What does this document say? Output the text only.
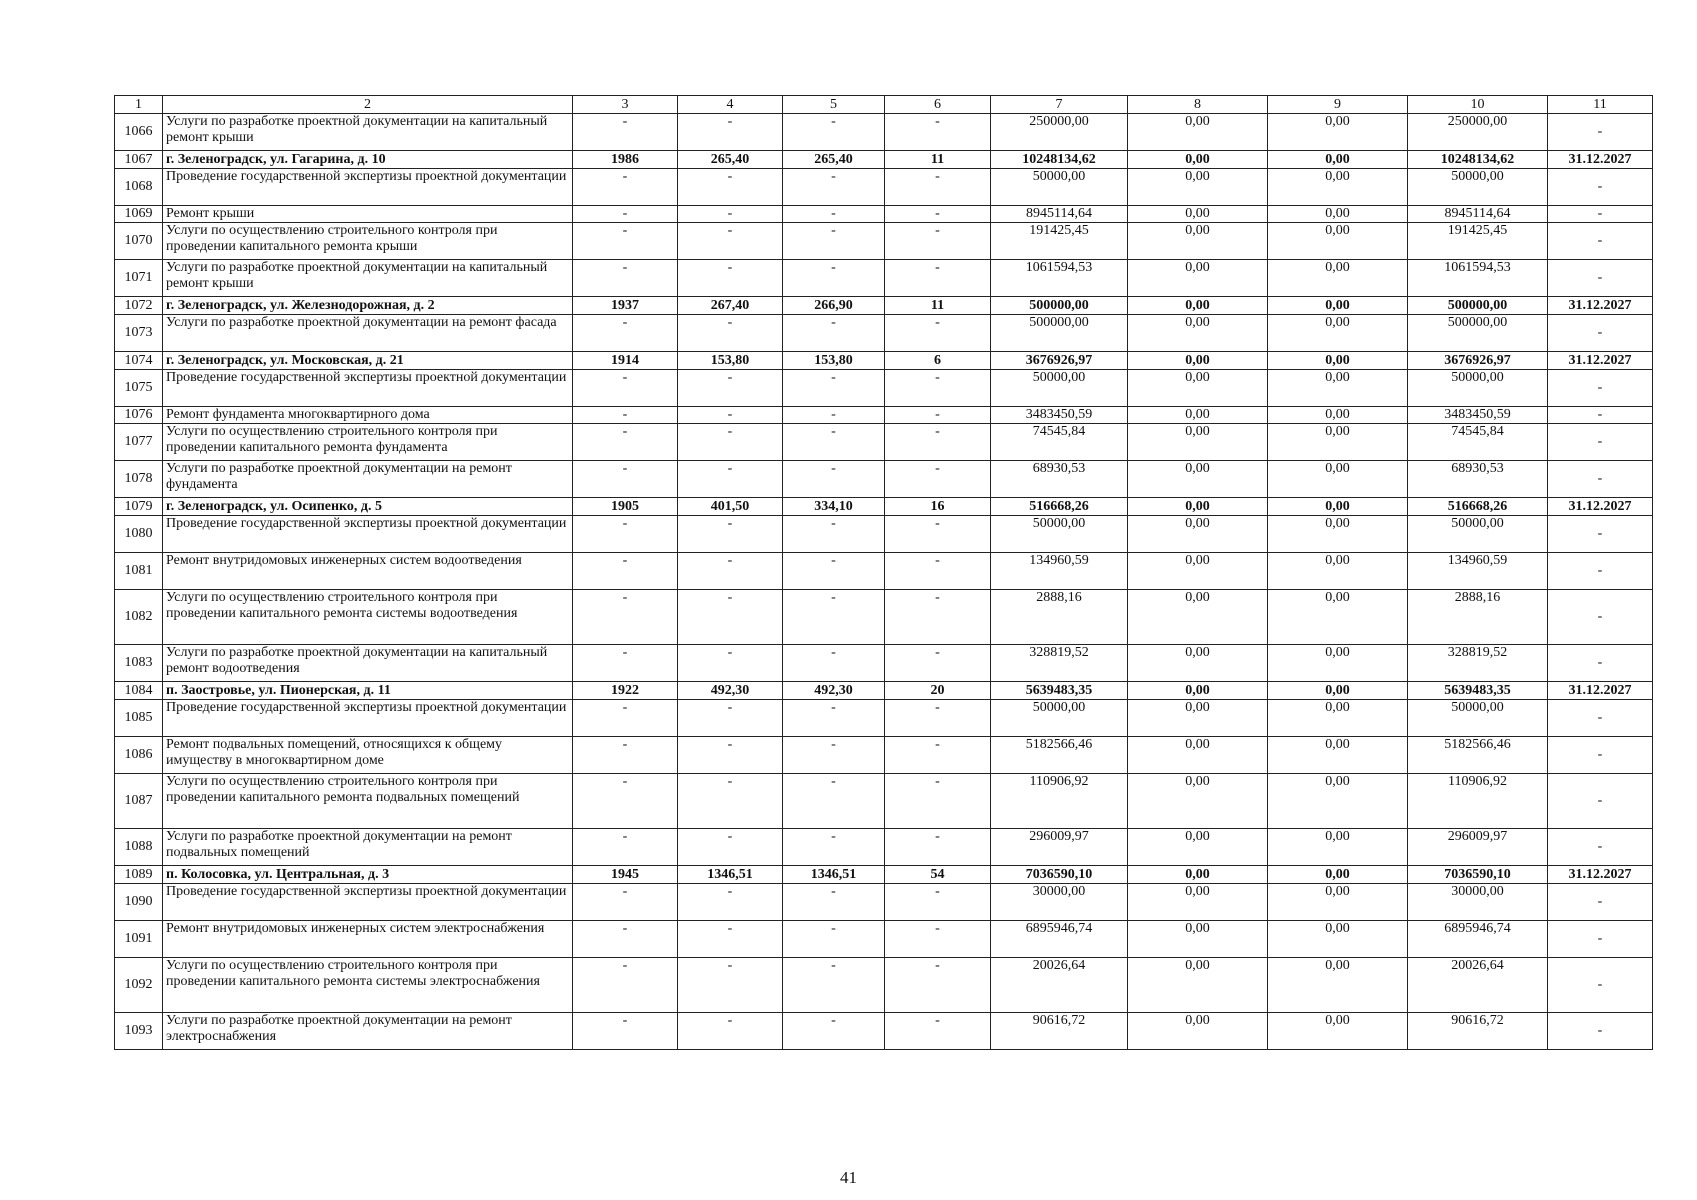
1	2	3	4	5	6	7	8	9	10	11
1066	Услуги по разработке проектной документации на капитальный ремонт крыши	-	-	-	-	250000,00	0,00	0,00	250000,00	-
1067	г. Зеленоградск, ул. Гагарина, д. 10	1986	265,40	265,40	11	10248134,62	0,00	0,00	10248134,62	31.12.2027
1068	Проведение государственной экспертизы проектной документации	-	-	-	-	50000,00	0,00	0,00	50000,00	-
1069	Ремонт крыши	-	-	-	-	8945114,64	0,00	0,00	8945114,64	-
1070	Услуги по осуществлению строительного контроля при проведении капитального ремонта крыши	-	-	-	-	191425,45	0,00	0,00	191425,45	-
1071	Услуги по разработке проектной документации на капитальный ремонт крыши	-	-	-	-	1061594,53	0,00	0,00	1061594,53	-
1072	г. Зеленоградск, ул. Железнодорожная, д. 2	1937	267,40	266,90	11	500000,00	0,00	0,00	500000,00	31.12.2027
1073	Услуги по разработке проектной документации на ремонт фасада	-	-	-	-	500000,00	0,00	0,00	500000,00	-
1074	г. Зеленоградск, ул. Московская, д. 21	1914	153,80	153,80	6	3676926,97	0,00	0,00	3676926,97	31.12.2027
1075	Проведение государственной экспертизы проектной документации	-	-	-	-	50000,00	0,00	0,00	50000,00	-
1076	Ремонт фундамента многоквартирного дома	-	-	-	-	3483450,59	0,00	0,00	3483450,59	-
1077	Услуги по осуществлению строительного контроля при проведении капитального ремонта фундамента	-	-	-	-	74545,84	0,00	0,00	74545,84	-
1078	Услуги по разработке проектной документации на ремонт фундамента	-	-	-	-	68930,53	0,00	0,00	68930,53	-
1079	г. Зеленоградск, ул. Осипенко, д. 5	1905	401,50	334,10	16	516668,26	0,00	0,00	516668,26	31.12.2027
1080	Проведение государственной экспертизы проектной документации	-	-	-	-	50000,00	0,00	0,00	50000,00	-
1081	Ремонт внутридомовых инженерных систем водоотведения	-	-	-	-	134960,59	0,00	0,00	134960,59	-
1082	Услуги по осуществлению строительного контроля при проведении капитального ремонта системы водоотведения	-	-	-	-	2888,16	0,00	0,00	2888,16	-
1083	Услуги по разработке проектной документации на капитальный ремонт водоотведения	-	-	-	-	328819,52	0,00	0,00	328819,52	-
1084	п. Заостровье, ул. Пионерская, д. 11	1922	492,30	492,30	20	5639483,35	0,00	0,00	5639483,35	31.12.2027
1085	Проведение государственной экспертизы проектной документации	-	-	-	-	50000,00	0,00	0,00	50000,00	-
1086	Ремонт подвальных помещений, относящихся к общему имуществу в многоквартирном доме	-	-	-	-	5182566,46	0,00	0,00	5182566,46	-
1087	Услуги по осуществлению строительного контроля при проведении капитального ремонта подвальных помещений	-	-	-	-	110906,92	0,00	0,00	110906,92	-
1088	Услуги по разработке проектной документации на ремонт подвальных помещений	-	-	-	-	296009,97	0,00	0,00	296009,97	-
1089	п. Колосовка, ул. Центральная, д. 3	1945	1346,51	1346,51	54	7036590,10	0,00	0,00	7036590,10	31.12.2027
1090	Проведение государственной экспертизы проектной документации	-	-	-	-	30000,00	0,00	0,00	30000,00	-
1091	Ремонт внутридомовых инженерных систем электроснабжения	-	-	-	-	6895946,74	0,00	0,00	6895946,74	-
1092	Услуги по осуществлению строительного контроля при проведении капитального ремонта системы электроснабжения	-	-	-	-	20026,64	0,00	0,00	20026,64	-
1093	Услуги по разработке проектной документации на ремонт электроснабжения	-	-	-	-	90616,72	0,00	0,00	90616,72	-
41
